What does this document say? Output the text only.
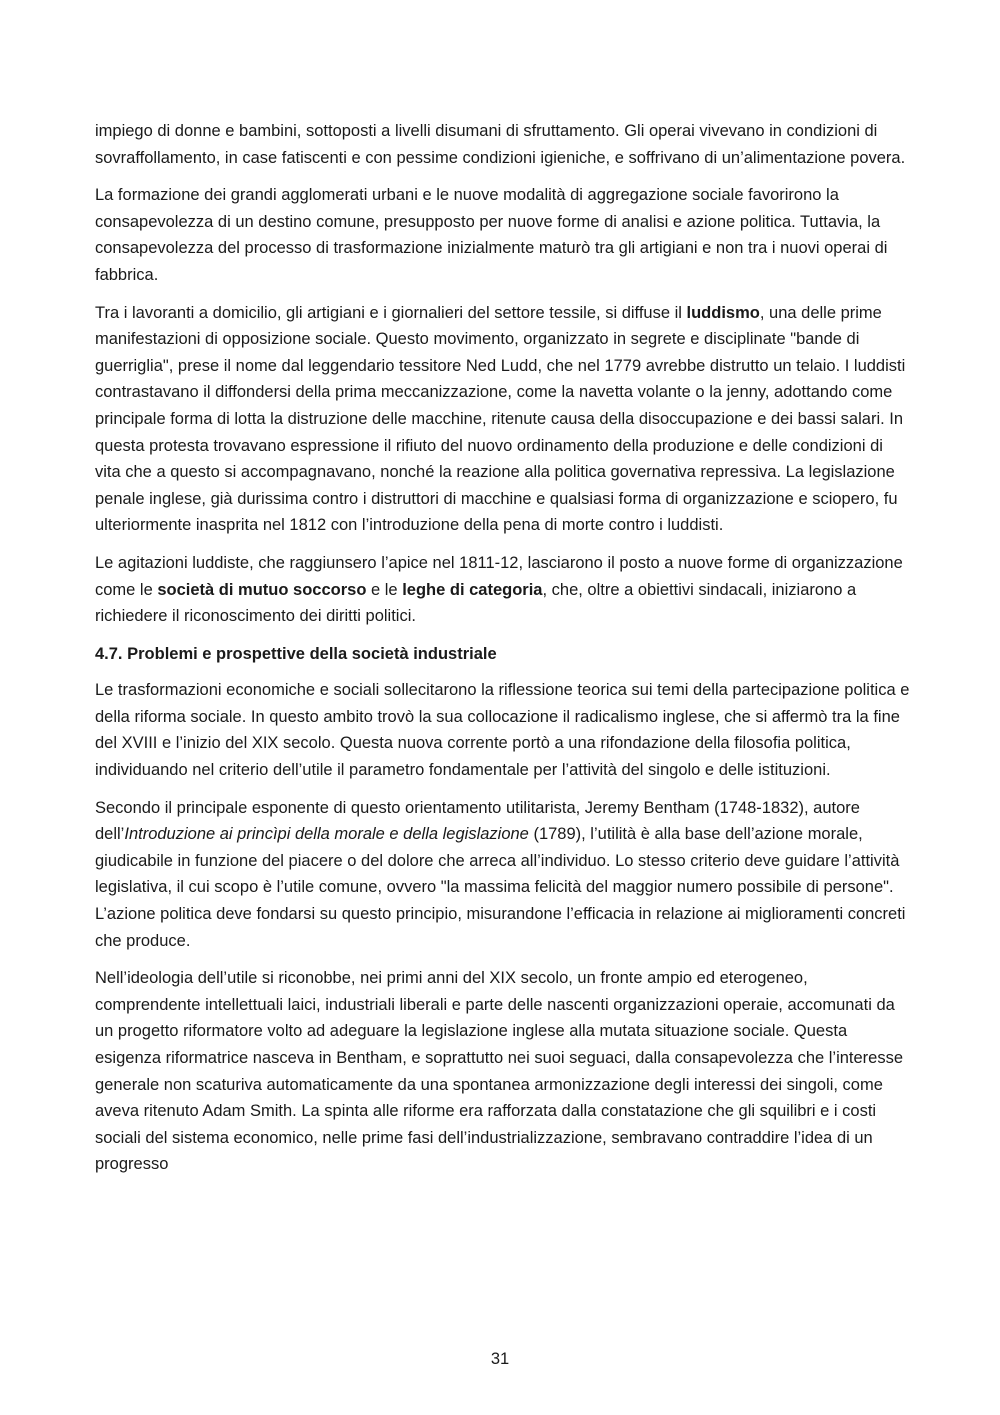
impiego di donne e bambini, sottoposti a livelli disumani di sfruttamento. Gli operai vivevano in condizioni di sovraffollamento, in case fatiscenti e con pessime condizioni igieniche, e soffrivano di un’alimentazione povera.

La formazione dei grandi agglomerati urbani e le nuove modalità di aggregazione sociale favorirono la consapevolezza di un destino comune, presupposto per nuove forme di analisi e azione politica. Tuttavia, la consapevolezza del processo di trasformazione inizialmente maturò tra gli artigiani e non tra i nuovi operai di fabbrica.

Tra i lavoranti a domicilio, gli artigiani e i giornalieri del settore tessile, si diffuse il luddismo, una delle prime manifestazioni di opposizione sociale. Questo movimento, organizzato in segrete e disciplinate "bande di guerriglia", prese il nome dal leggendario tessitore Ned Ludd, che nel 1779 avrebbe distrutto un telaio. I luddisti contrastavano il diffondersi della prima meccanizzazione, come la navetta volante o la jenny, adottando come principale forma di lotta la distruzione delle macchine, ritenute causa della disoccupazione e dei bassi salari. In questa protesta trovavano espressione il rifiuto del nuovo ordinamento della produzione e delle condizioni di vita che a questo si accompagnavano, nonché la reazione alla politica governativa repressiva. La legislazione penale inglese, già durissima contro i distruttori di macchine e qualsiasi forma di organizzazione e sciopero, fu ulteriormente inasprita nel 1812 con l’introduzione della pena di morte contro i luddisti.

Le agitazioni luddiste, che raggiunsero l’apice nel 1811-12, lasciarono il posto a nuove forme di organizzazione come le società di mutuo soccorso e le leghe di categoria, che, oltre a obiettivi sindacali, iniziarono a richiedere il riconoscimento dei diritti politici.

4.7. Problemi e prospettive della società industriale

Le trasformazioni economiche e sociali sollecitarono la riflessione teorica sui temi della partecipazione politica e della riforma sociale. In questo ambito trovò la sua collocazione il radicalismo inglese, che si affermò tra la fine del XVIII e l’inizio del XIX secolo. Questa nuova corrente portò a una rifondazione della filosofia politica, individuando nel criterio dell’utile il parametro fondamentale per l’attività del singolo e delle istituzioni.

Secondo il principale esponente di questo orientamento utilitarista, Jeremy Bentham (1748-1832), autore dell’Introduzione ai princìpi della morale e della legislazione (1789), l’utilità è alla base dell’azione morale, giudicabile in funzione del piacere o del dolore che arreca all’individuo. Lo stesso criterio deve guidare l’attività legislativa, il cui scopo è l’utile comune, ovvero "la massima felicità del maggior numero possibile di persone". L’azione politica deve fondarsi su questo principio, misurandone l’efficacia in relazione ai miglioramenti concreti che produce.

Nell’ideologia dell’utile si riconobbe, nei primi anni del XIX secolo, un fronte ampio ed eterogeneo, comprendente intellettuali laici, industriali liberali e parte delle nascenti organizzazioni operaie, accomunati da un progetto riformatore volto ad adeguare la legislazione inglese alla mutata situazione sociale. Questa esigenza riformatrice nasceva in Bentham, e soprattutto nei suoi seguaci, dalla consapevolezza che l’interesse generale non scaturiva automaticamente da una spontanea armonizzazione degli interessi dei singoli, come aveva ritenuto Adam Smith. La spinta alle riforme era rafforzata dalla constatazione che gli squilibri e i costi sociali del sistema economico, nelle prime fasi dell’industrializzazione, sembravano contraddire l’idea di un progresso

31
